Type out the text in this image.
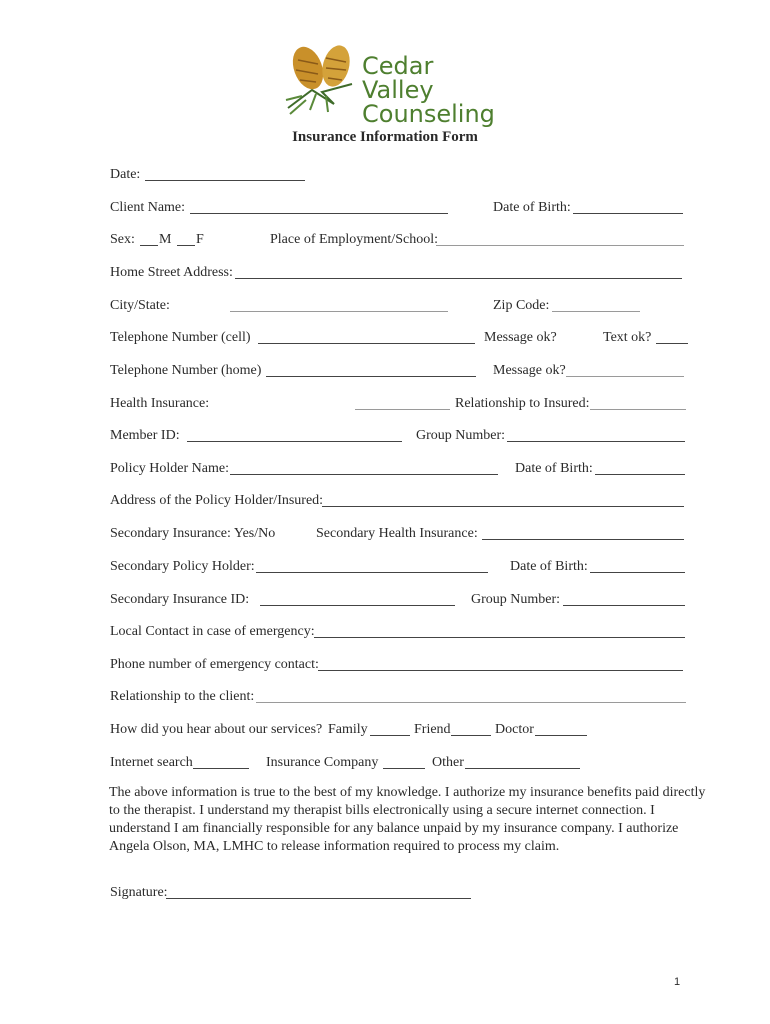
Cedar Valley
Counseling
Insurance Information Form
Date:
Client Name:	Date of Birth:
Sex: M F	Place of Employment/School:
Home Street Address:
City/State:	Zip Code:
Telephone Number (cell)	Message ok?	Text ok?
Telephone Number (home)	Message ok?
Health Insurance:	Relationship to Insured:
Member ID:	Group Number:
Policy Holder Name:	Date of Birth:
Address of the Policy Holder/Insured:
Secondary Insurance: Yes/No	Secondary Health Insurance:
Secondary Policy Holder:	Date of Birth:
Secondary Insurance ID:	Group Number:
Local Contact in case of emergency:
Phone number of emergency contact:
Relationship to the client:
How did you hear about our services? Family	Friend	Doctor
Internet search	Insurance Company	Other
The above information is true to the best of my knowledge. I authorize my insurance benefits paid directly to the therapist. I understand my therapist bills electronically using a secure internet connection. I understand I am financially responsible for any balance unpaid by my insurance company. I authorize Angela Olson, MA, LMHC to release information required to process my claim.
Signature:
1
